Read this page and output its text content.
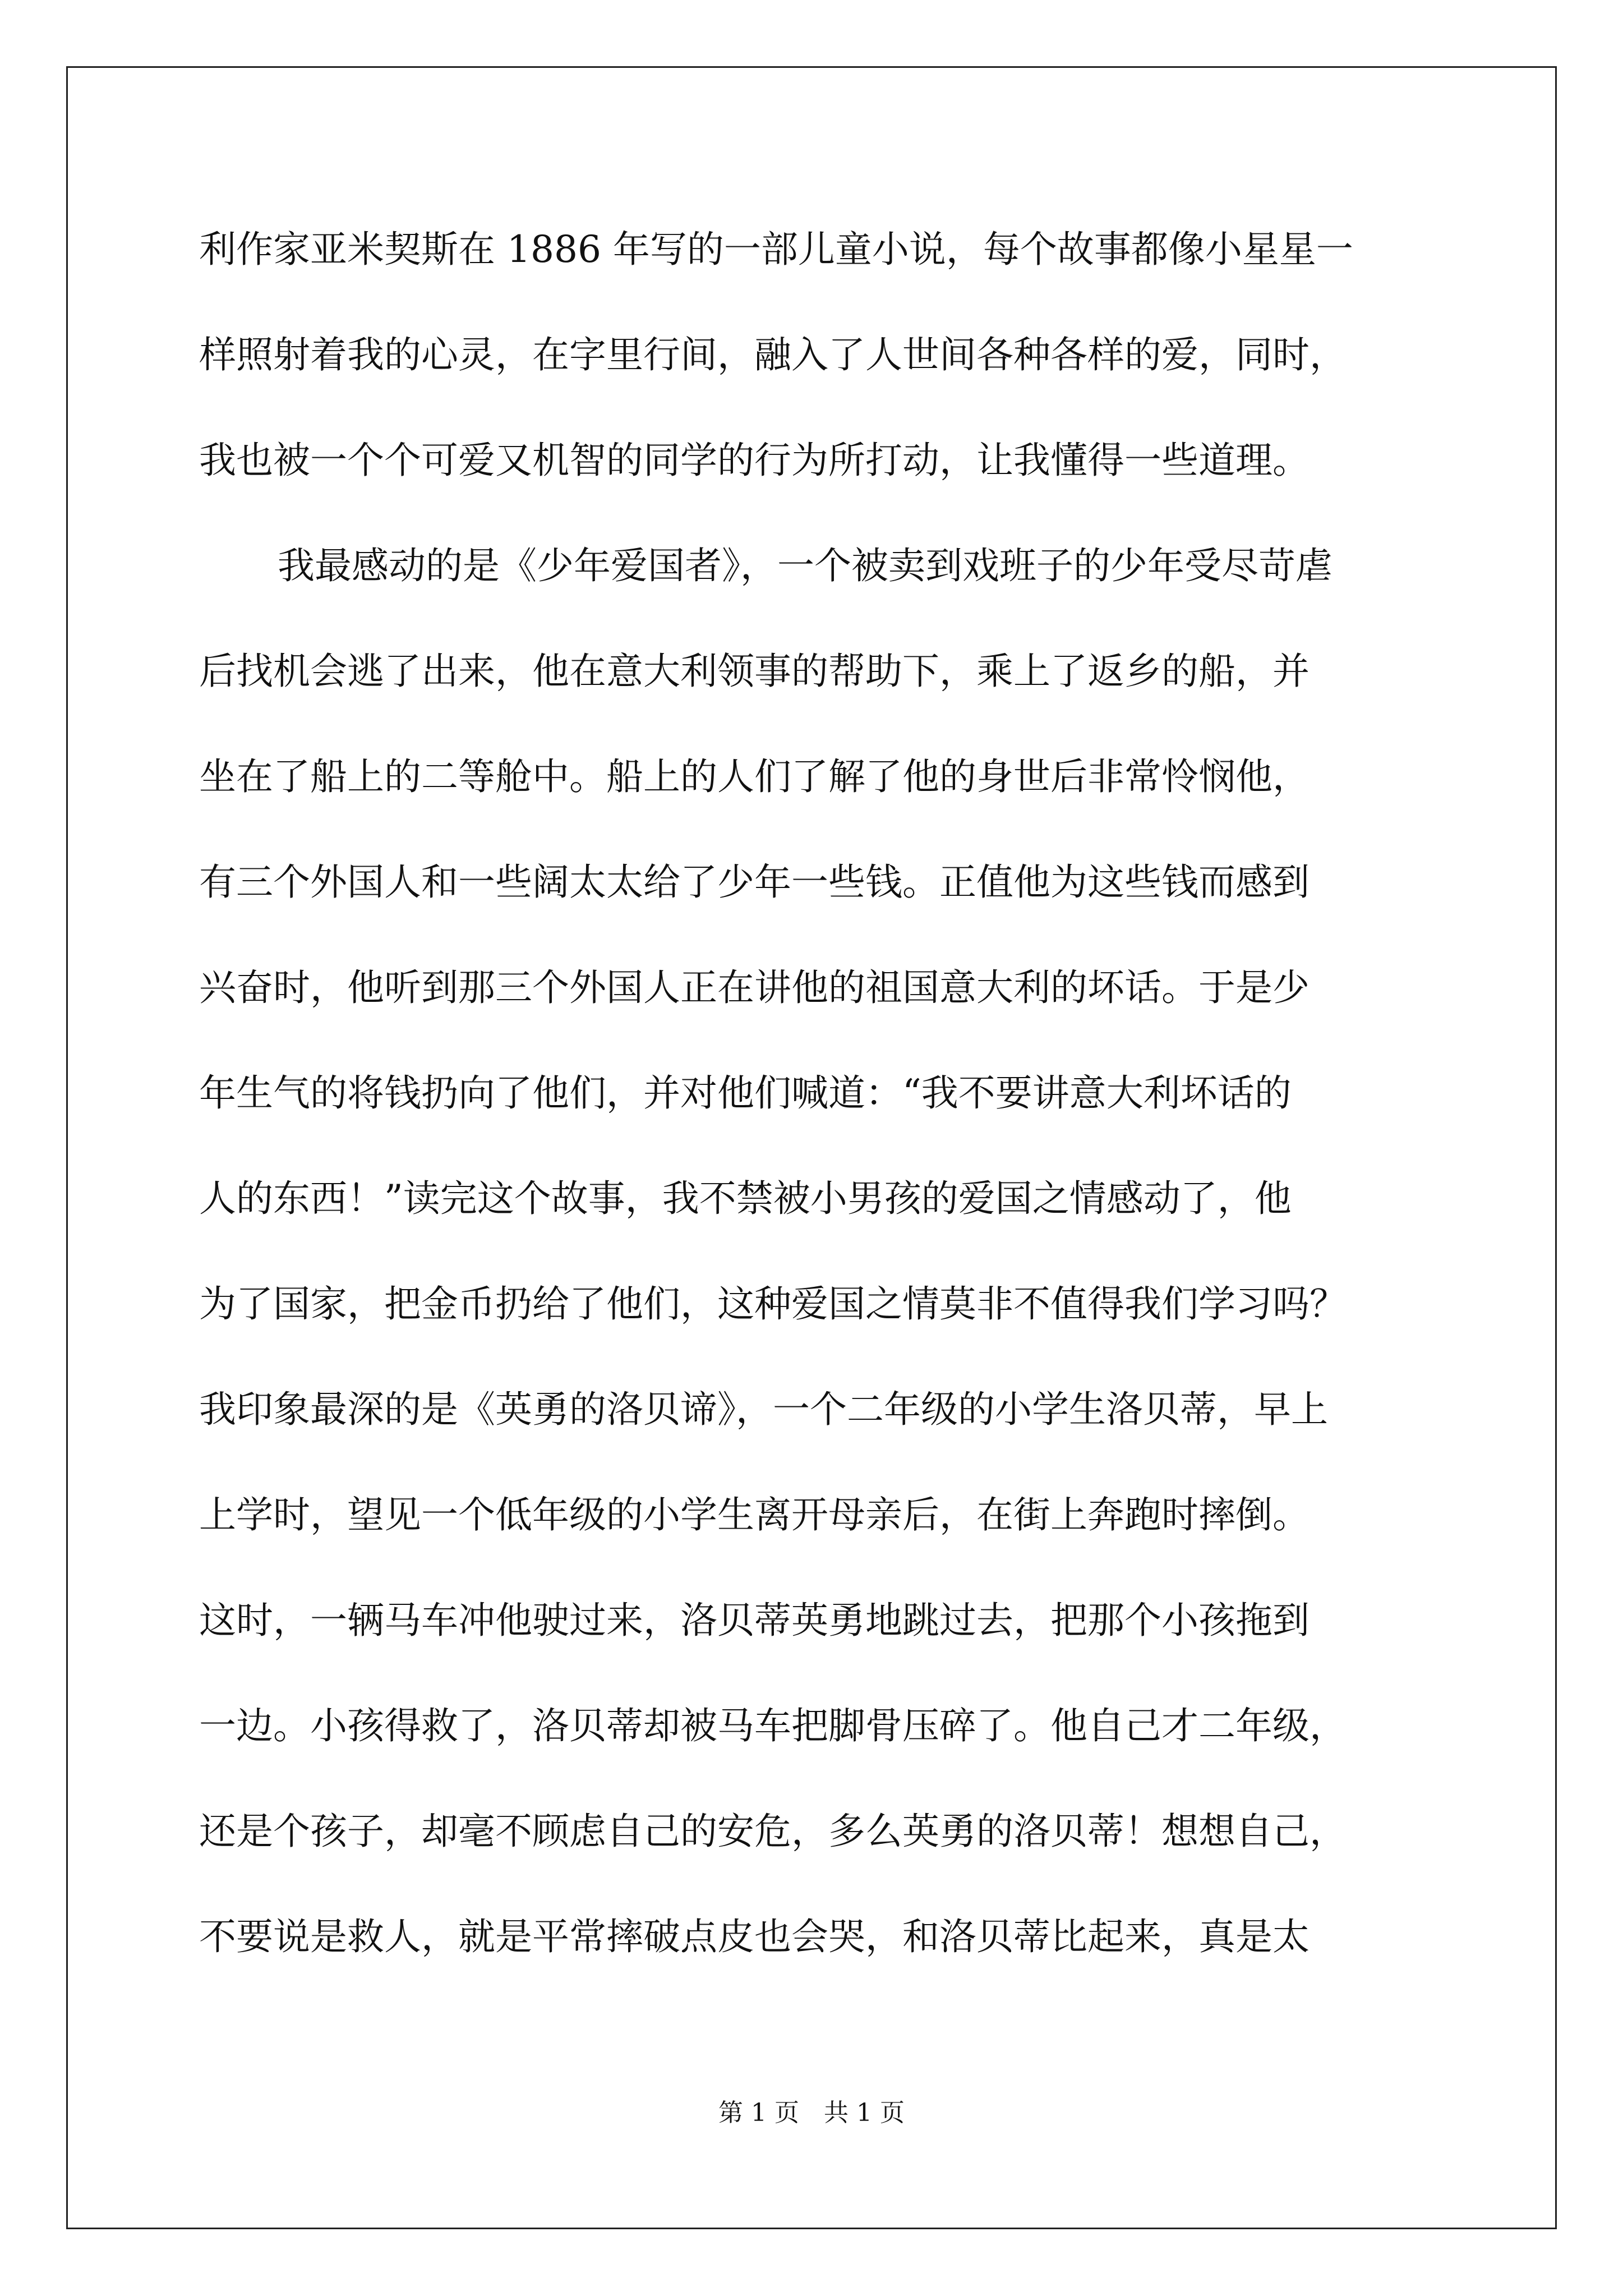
利作家亚米契斯在 1886 年写的一部儿童小说，每个故事都像小星星一
样照射着我的心灵，在字里行间，融入了人世间各种各样的爱，同时，
我也被一个个可爱又机智的同学的行为所打动，让我懂得一些道理。
我最感动的是《少年爱国者》，一个被卖到戏班子的少年受尽苛虐
后找机会逃了出来，他在意大利领事的帮助下，乘上了返乡的船，并
坐在了船上的二等舱中。船上的人们了解了他的身世后非常怜悯他，
有三个外国人和一些阔太太给了少年一些钱。正值他为这些钱而感到
兴奋时，他听到那三个外国人正在讲他的祖国意大利的坏话。于是少
年生气的将钱扔向了他们，并对他们喊道：“我不要讲意大利坏话的
人的东西！”读完这个故事，我不禁被小男孩的爱国之情感动了，他
为了国家，把金币扔给了他们，这种爱国之情莫非不值得我们学习吗？
我印象最深的是《英勇的洛贝谛》，一个二年级的小学生洛贝蒂，早上
上学时，望见一个低年级的小学生离开母亲后，在街上奔跑时摔倒。
这时，一辆马车冲他驶过来，洛贝蒂英勇地跳过去，把那个小孩拖到
一边。小孩得救了，洛贝蒂却被马车把脚骨压碎了。他自己才二年级，
还是个孩子，却毫不顾虑自己的安危，多么英勇的洛贝蒂！想想自己，
不要说是救人，就是平常摔破点皮也会哭，和洛贝蒂比起来，真是太
第 1 页　共 1 页
